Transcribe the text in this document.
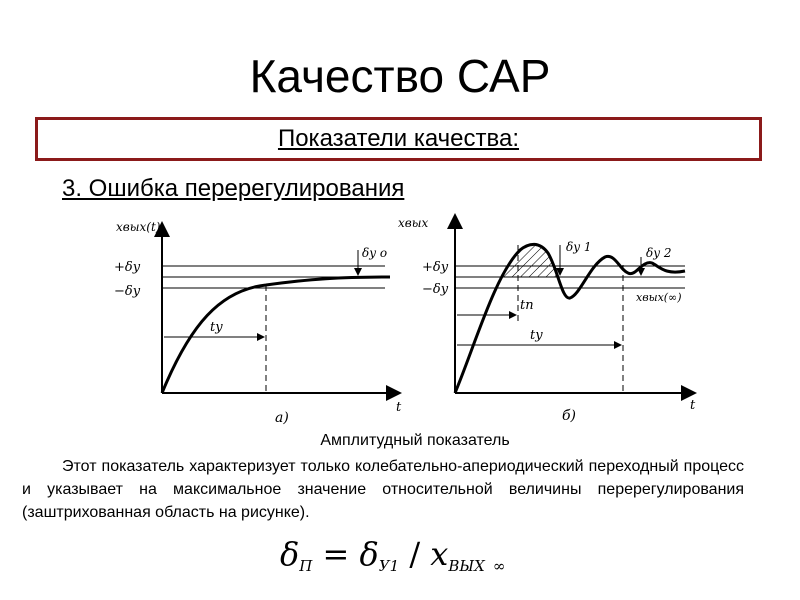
Качество САР
Показатели качества:
3. Ошибка перерегулирования
xвых(t)
+δy
−δy
δy o
ty
t
а)
xвых
+δy
−δy
δy 1	δy 2
tn
ty
xвых(∞)
t
б)
Амплитудный показатель
Этот показатель характеризует только колебательно-апериодический переходный процесс и указывает на максимальное значение относительной величины перерегулирования (заштрихованная область на рисунке).
$\delta_П = \delta_{У1} / x_{ВЫХ}$ ∞
